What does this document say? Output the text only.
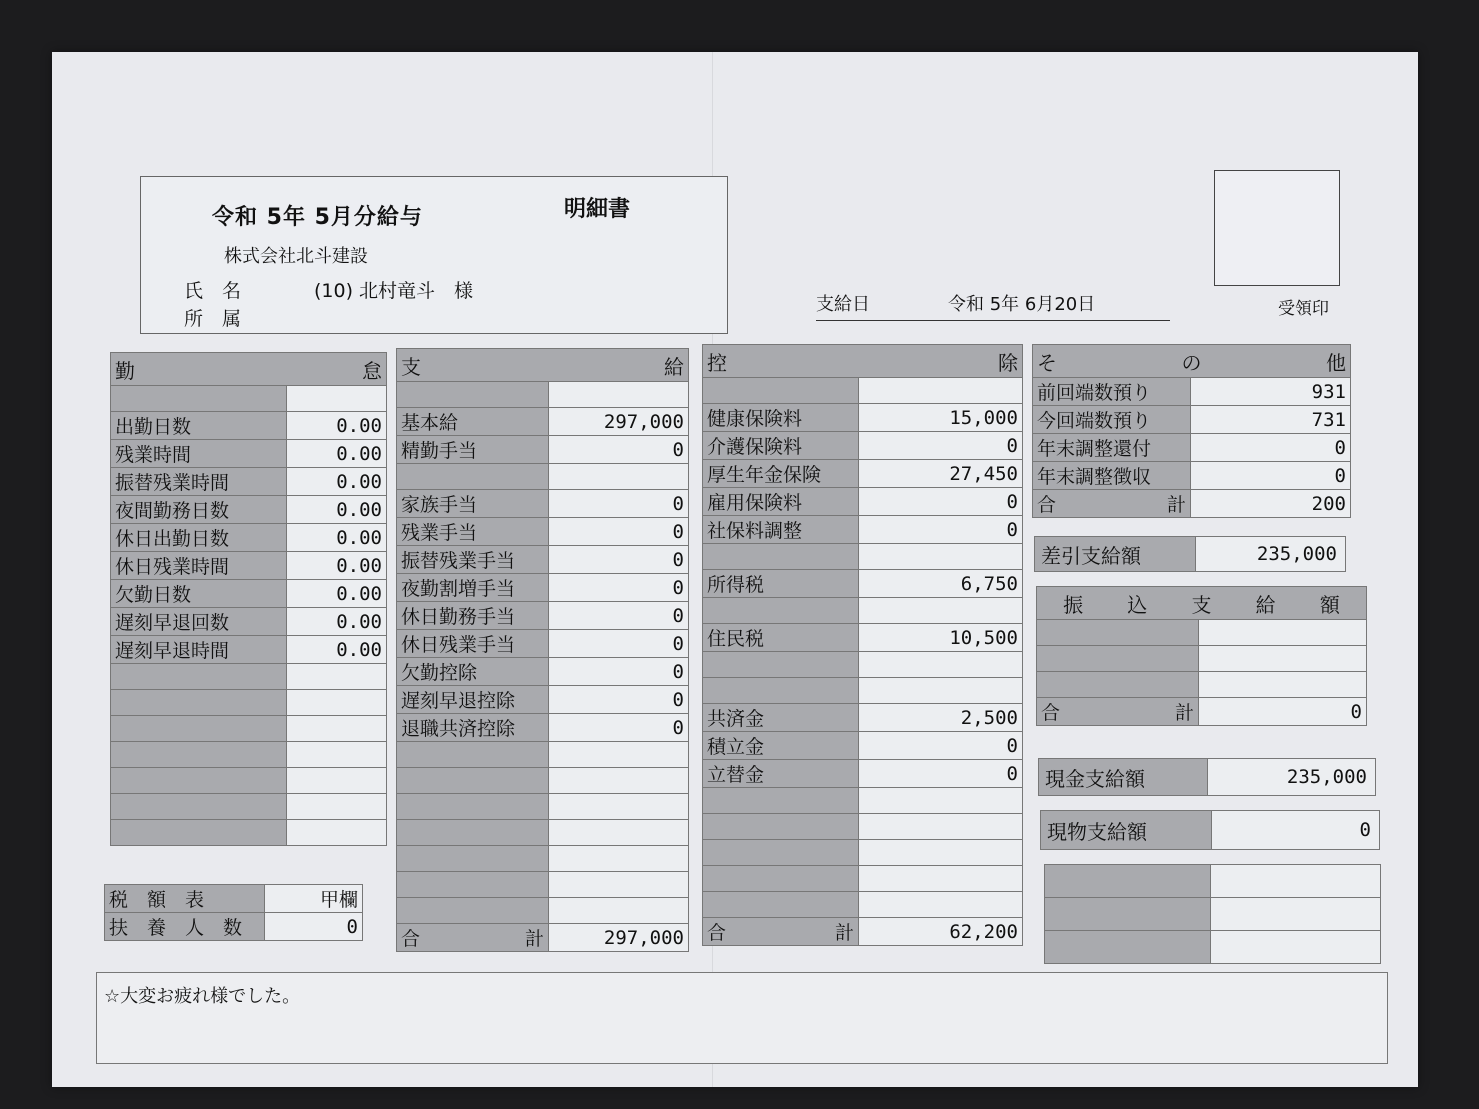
令和 5年 5月分給与	明細書
株式会社北斗建設
氏　名	(10) 北村竜斗　様
所　属
支給日	令和 5年 6月20日	受領印
勤 怠	

出勤日数	0.00
残業時間	0.00
振替残業時間	0.00
夜間勤務日数	0.00
休日出勤日数	0.00
休日残業時間	0.00
欠勤日数	0.00
遅刻早退回数	0.00
遅刻早退時間	0.00

税　額　表	甲欄
扶　養　人　数	0
支 給	

基本給	297,000
精勤手当	0

家族手当	0
残業手当	0
振替残業手当	0
夜勤割増手当	0
休日勤務手当	0
休日残業手当	0
欠勤控除	0
遅刻早退控除	0
退職共済控除	0

合 計	297,000
控 除	

健康保険料	15,000
介護保険料	0
厚生年金保険	27,450
雇用保険料	0
社保料調整	0

所得税	6,750

住民税	10,500

共済金	2,500
積立金	0
立替金	0

合 計	62,200
そ 他
の	

前回端数預り	931
今回端数預り	731
年末調整還付	0
年末調整徴収	0

合 計	200
差引支給額	235,000
振 込 支 給 額	

合 計	0
現金支給額	235,000
現物支給額	0

☆大変お疲れ様でした。
